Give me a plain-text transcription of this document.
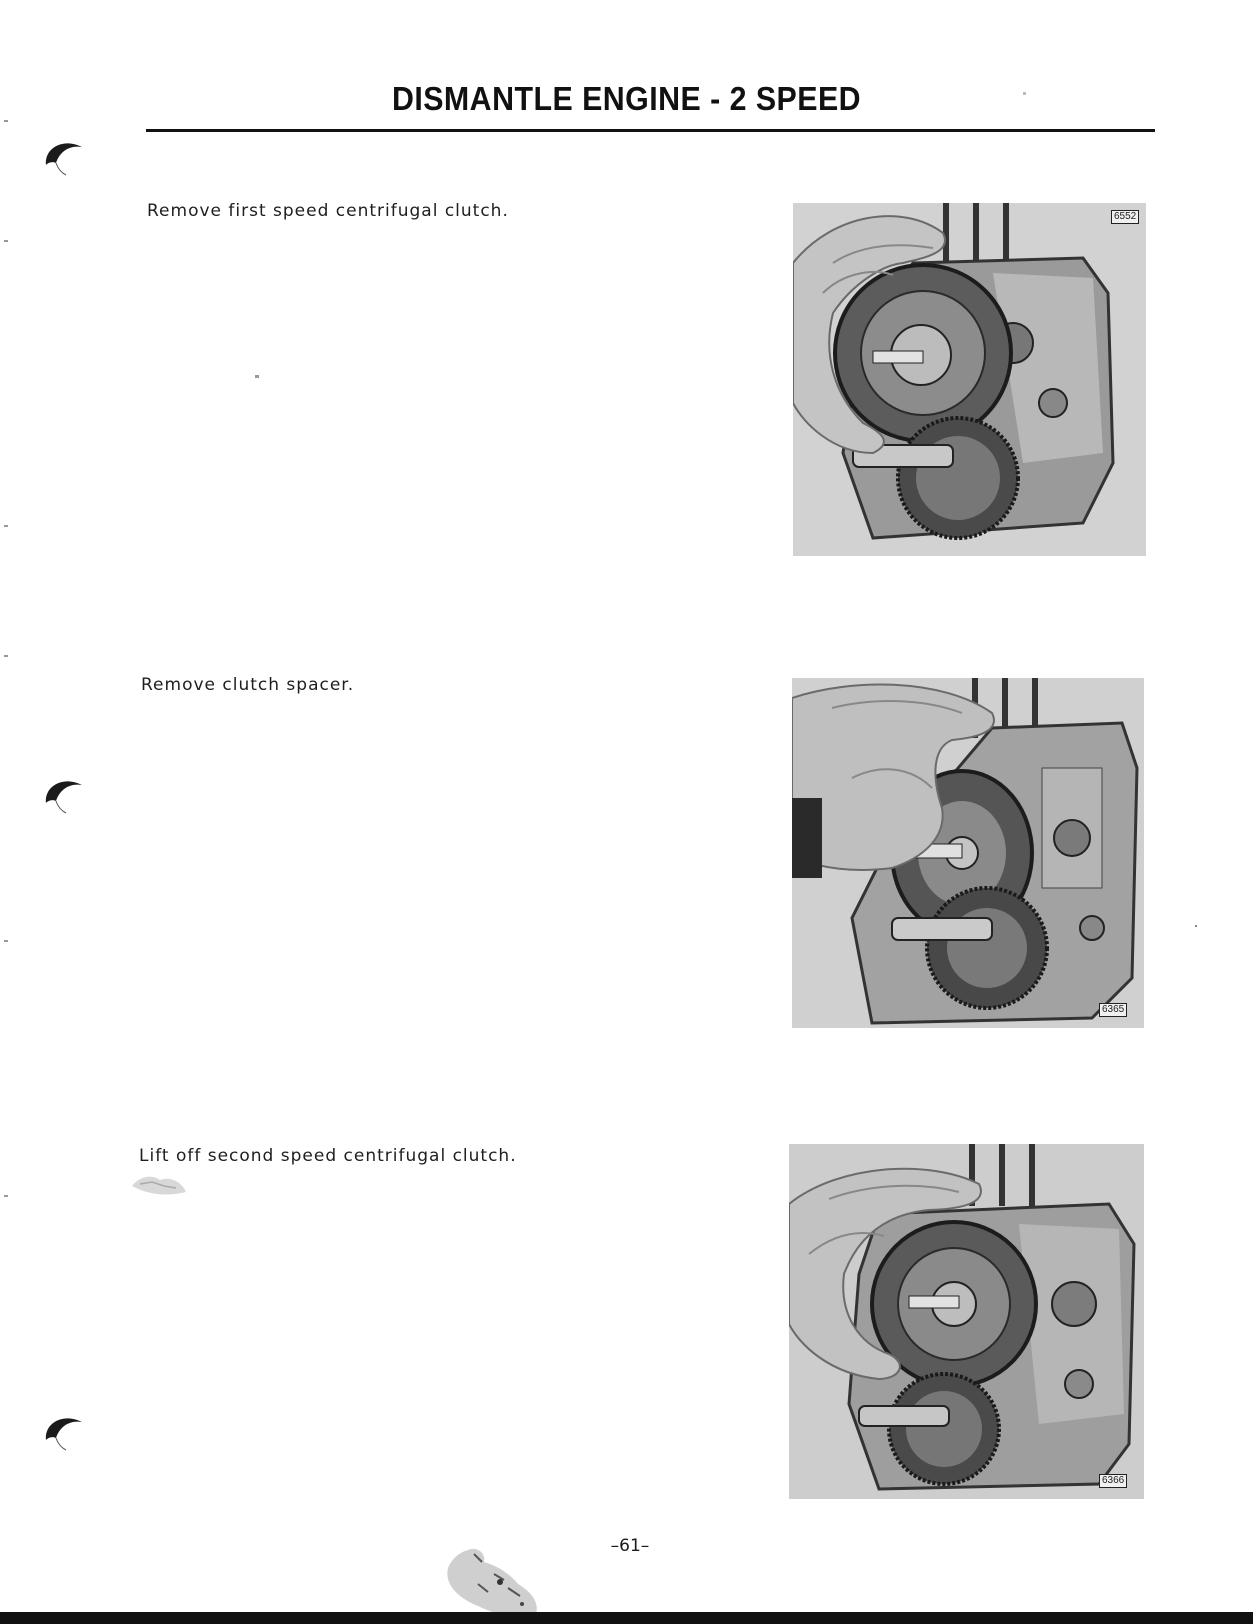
DISMANTLE ENGINE - 2 SPEED
Remove first speed centrifugal clutch.	6552
Remove clutch spacer.
6365
Lift off second speed centrifugal clutch.
6366
–61–
